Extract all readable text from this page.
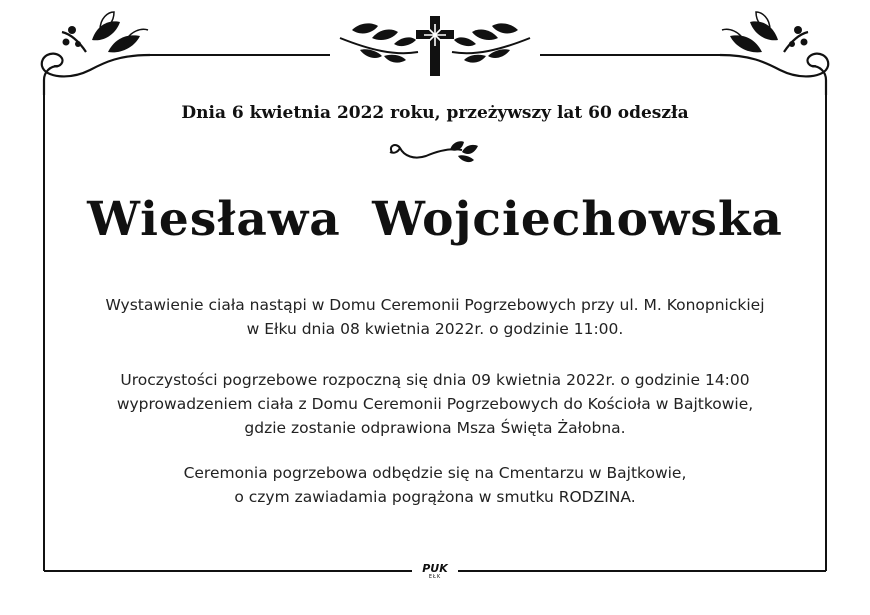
Dnia 6 kwietnia 2022 roku, przeżywszy lat 60 odeszła
Wiesława Wojciechowska
Wystawienie ciała nastąpi w Domu Ceremonii Pogrzebowych przy ul. M. Konopnickiej
w Ełku dnia 08 kwietnia 2022r. o godzinie 11:00.
Uroczystości pogrzebowe rozpoczną się dnia 09 kwietnia 2022r. o godzinie 14:00
wyprowadzeniem ciała z Domu Ceremonii Pogrzebowych do Kościoła w Bajtkowie,
gdzie zostanie odprawiona Msza Święta Żałobna.
Ceremonia pogrzebowa odbędzie się na Cmentarzu w Bajtkowie,
o czym zawiadamia pogrążona w smutku RODZINA.
PUK
EŁK
